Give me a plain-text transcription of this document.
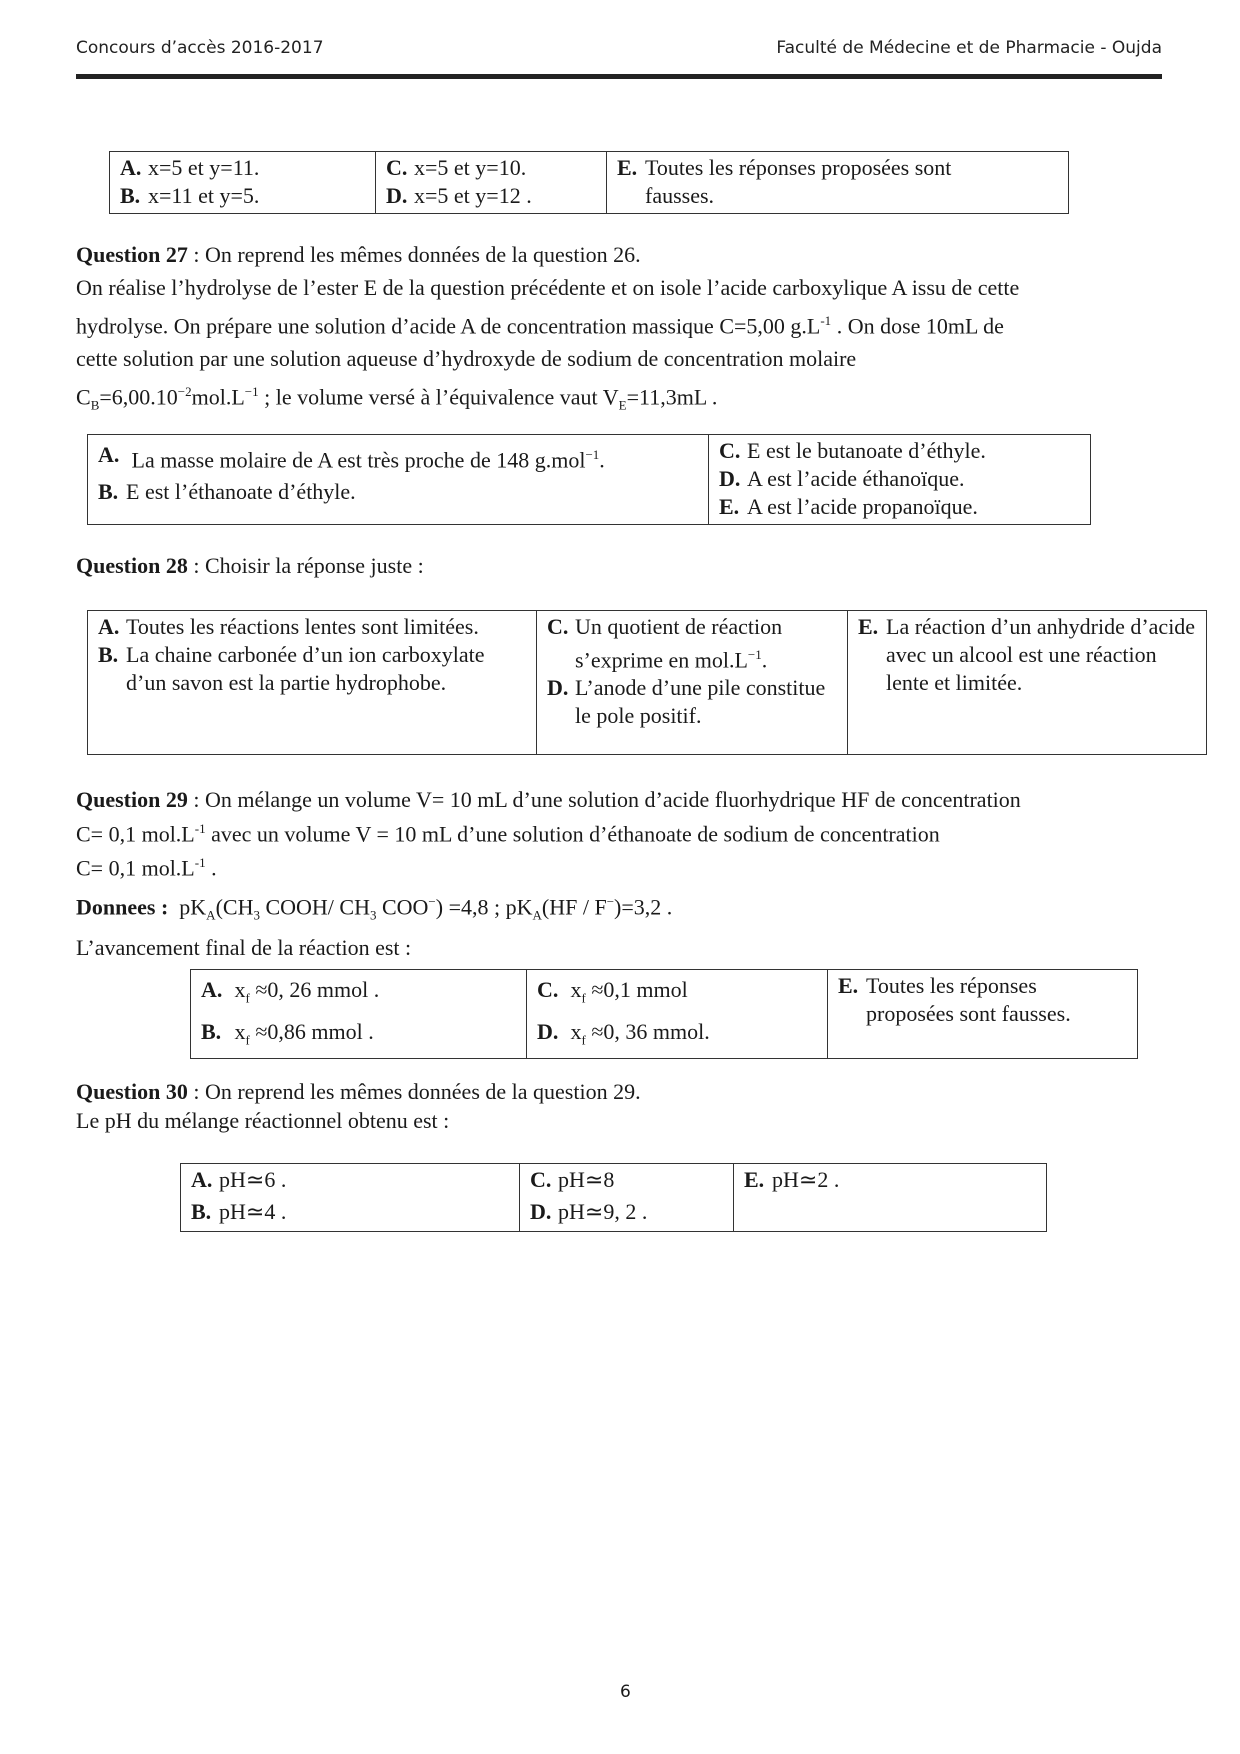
Concours d’accès 2016-2017	Faculté de Médecine et de Pharmacie - Oujda
A. x=5 et y=11.
B. x=11 et y=5.

C. x=5 et y=10.
D. x=5 et y=12 .

E. Toutes les réponses proposées sont fausses.
Question 27 : On reprend les mêmes données de la question 26.
On réalise l’hydrolyse de l’ester E de la question précédente et on isole l’acide carboxylique A issu de cette
hydrolyse. On prépare une solution d’acide A de concentration massique C=5,00 $g.L^{-1}$ . On dose 10mL de
cette solution par une solution aqueuse d’hydroxyde de sodium de concentration molaire
$C_B=6,00.10^{-2}mol.L^{-1}$ ; le volume versé à l’équivalence vaut $V_E=11,3mL$ .
A. La masse molaire de A est très proche de 148 g.mol$^{-1}$.
B. E est l’éthanoate d’éthyle.

C. E est le butanoate d’éthyle.
D. A est l’acide éthanoïque.
E. A est l’acide propanoïque.
Question 28 : Choisir la réponse juste :
A. Toutes les réactions lentes sont limitées.
B. La chaine carbonée d’un ion carboxylate d’un savon est la partie hydrophobe.

C. Un quotient de réaction s’exprime en $mol.L^{-1}$.
D. L’anode d’une pile constitue le pole positif.

E. La réaction d’un anhydride d’acide avec un alcool est une réaction lente et limitée.
Question 29 : On mélange un volume V= 10 mL d’une solution d’acide fluorhydrique HF de concentration
C= 0,1 $mol.L^{-1}$ avec un volume V = 10 mL d’une solution d’éthanoate de sodium de concentration
C= 0,1 $mol.L^{-1}$ .
Donnees : $pK_A(CH_3$ COOH/ $CH_3$ COO−) =4,8 ; $pK_A(HF / F^-)=3,2$ .
L’avancement final de la réaction est :
A. $x_f \approx 0$, 26 mmol .
B. $x_f \approx 0,86$ mmol .

C. $x_f \approx 0,1$ mmol
D. $x_f \approx 0$, 36 mmol.

E. Toutes les réponses proposées sont fausses.
Question 30 : On reprend les mêmes données de la question 29.
Le pH du mélange réactionnel obtenu est :
A. pH≃6 .
B. pH≃4 .

C. pH≃8
D. pH≃9, 2 .

E. pH≃2 .
6
